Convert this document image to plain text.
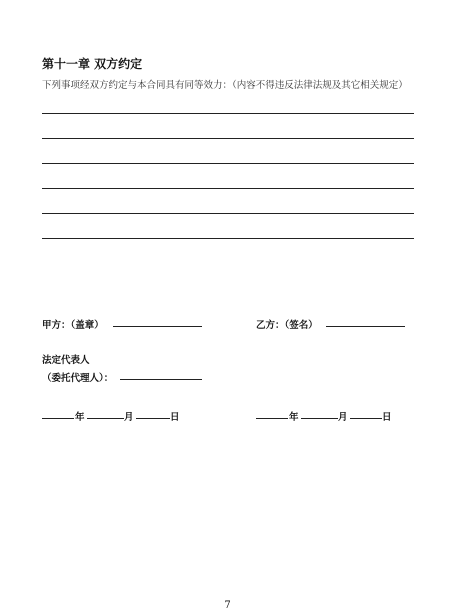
第十一章 双方约定
下列事项经双方约定与本合同具有同等效力：（内容不得违反法律法规及其它相关规定）
甲方：（盖章）	乙方：（签名）
法定代表人
（委托代理人）：
年	月	日	年	月	日
7
